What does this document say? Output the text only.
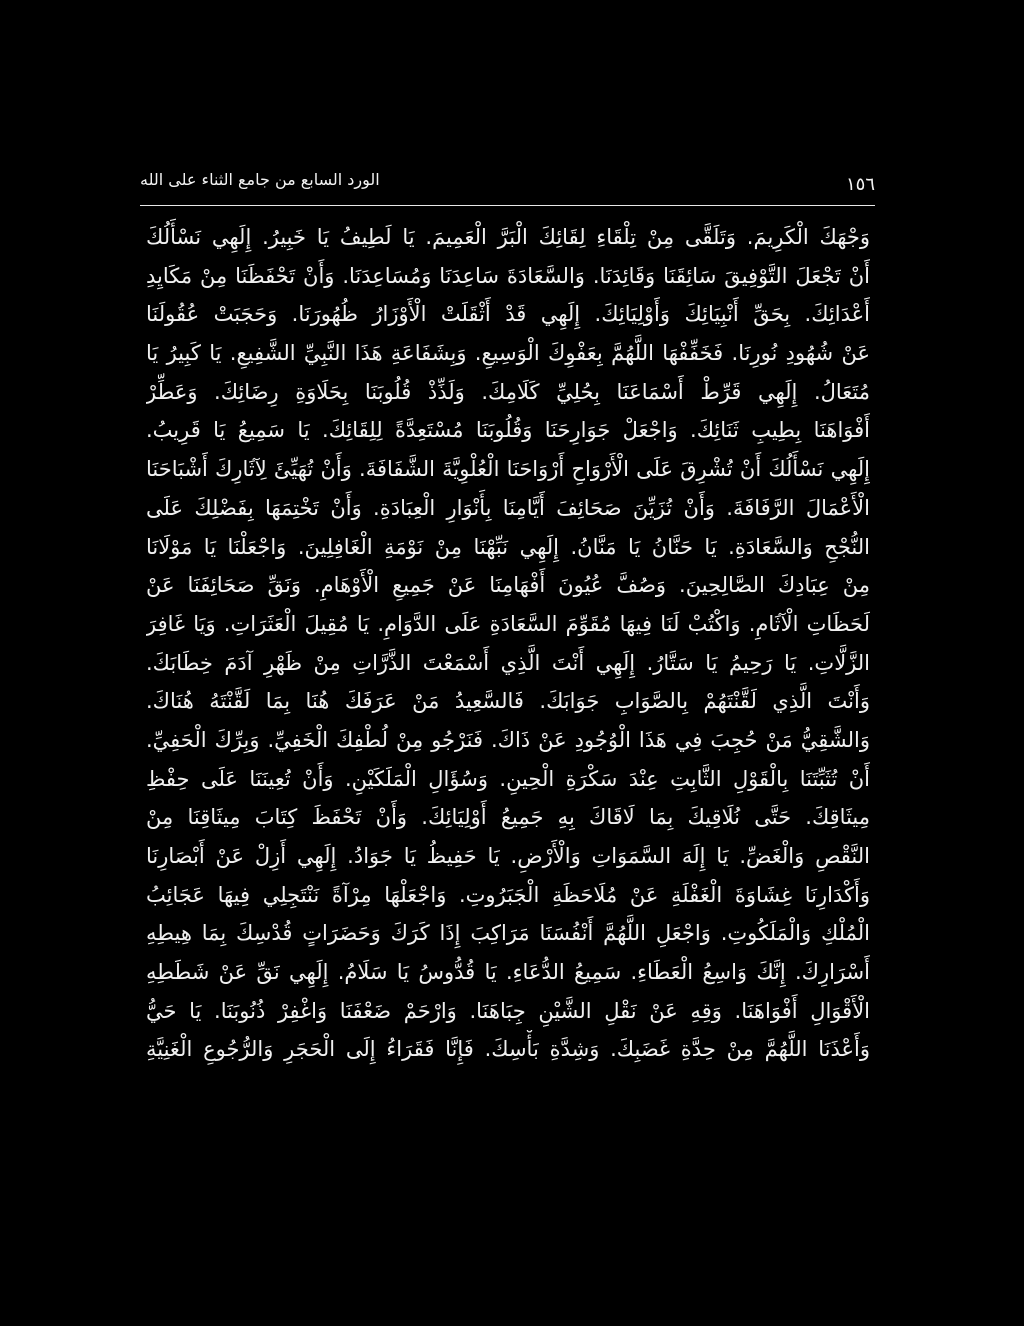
١٥٦
الورد السابع من جامع الثناء على الله
وَجْهَكَ الْكَرِيمَ. وَتَلَقَّى مِنْ تِلْقَاءِ لِقَائِكَ الْبَرَّ الْعَمِيمَ. يَا لَطِيفُ يَا خَبِيرُ. إِلَهِي نَسْأَلُكَ
أَنْ تَجْعَلَ التَّوْفِيقَ سَائِقَنَا وَقَائِدَنَا. وَالسَّعَادَةَ سَاعِدَنَا وَمُسَاعِدَنَا. وَأَنْ تَحْفَظَنَا مِنْ مَكَايِدِ
أَعْدَائِكَ. بِحَقِّ أَنْبِيَائِكَ وَأَوْلِيَائِكَ. إِلَهِي قَدْ أَثْقَلَتْ الْأَوْزَارُ ظُهُورَنَا. وَحَجَبَتْ عُقُولَنَا
عَنْ شُهُودِ نُورِنَا. فَخَفِّفْهَا اللَّهُمَّ بِعَفْوِكَ الْوَسِيعِ. وَبِشَفَاعَةِ هَذَا النَّبِيِّ الشَّفِيعِ. يَا كَبِيرُ يَا
مُتَعَالُ. إِلَهِي قَرِّطْ أَسْمَاعَنَا بِحُلِيِّ كَلَامِكَ. وَلَذِّذْ قُلُوبَنَا بِحَلَاوَةِ رِضَائِكَ. وَعَطِّرْ
أَفْوَاهَنَا بِطِيبِ ثَنَائِكَ. وَاجْعَلْ جَوَارِحَنَا وَقُلُوبَنَا مُسْتَعِدَّةً لِلِقَائِكَ. يَا سَمِيعُ يَا قَرِيبُ.
إِلَهِي نَسْأَلُكَ أَنْ تُشْرِقَ عَلَى الْأَرْوَاحِ أَرْوَاحَنَا الْعُلْوِيَّةَ الشَّفَافَةَ. وَأَنْ تُهَيِّئَ لِآثَارِكَ أَشْبَاحَنَا
الْأَعْمَالَ الرَّفَافَةَ. وَأَنْ تُزَيِّنَ صَحَائِفَ أَيَّامِنَا بِأَنْوَارِ الْعِبَادَةِ. وَأَنْ تَخْتِمَهَا بِفَضْلِكَ عَلَى
النُّجْحِ وَالسَّعَادَةِ. يَا حَنَّانُ يَا مَنَّانُ. إِلَهِي نَبِّهْنَا مِنْ نَوْمَةِ الْغَافِلِينَ. وَاجْعَلْنَا يَا مَوْلَانَا
مِنْ عِبَادِكَ الصَّالِحِينَ. وَصُفَّ عُيُونَ أَفْهَامِنَا عَنْ جَمِيعِ الْأَوْهَامِ. وَنَقِّ صَحَائِفَنَا عَنْ
لَحَظَاتِ الْآثَامِ. وَاكْتُبْ لَنَا فِيهَا مُقَوِّمَ السَّعَادَةِ عَلَى الدَّوَامِ. يَا مُقِيلَ الْعَثَرَاتِ. وَيَا غَافِرَ
الزَّلَّاتِ. يَا رَحِيمُ يَا سَتَّارُ. إِلَهِي أَنْتَ الَّذِي أَسْمَعْتَ الذَّرَّاتِ مِنْ ظَهْرِ آدَمَ خِطَابَكَ.
وَأَنْتَ الَّذِي لَقَّنْتَهُمْ بِالصَّوَابِ جَوَابَكَ. فَالسَّعِيدُ مَنْ عَرَفَكَ هُنَا بِمَا لَقَّنْتَهُ هُنَاكَ.
وَالشَّقِيُّ مَنْ حُجِبَ فِي هَذَا الْوُجُودِ عَنْ ذَاكَ. فَنَرْجُو مِنْ لُطْفِكَ الْخَفِيِّ. وَبِرِّكَ الْحَفِيِّ.
أَنْ تُثَبِّتَنَا بِالْقَوْلِ الثَّابِتِ عِنْدَ سَكْرَةِ الْحِينِ. وَسُؤَالِ الْمَلَكَيْنِ. وَأَنْ تُعِينَنَا عَلَى حِفْظِ
مِيثَاقِكَ. حَتَّى نُلَاقِيكَ بِمَا لَاقَاكَ بِهِ جَمِيعُ أَوْلِيَائِكَ. وَأَنْ تَحْفَظَ كِتَابَ مِيثَاقِنَا مِنْ
النَّقْصِ وَالْغَضِّ. يَا إِلَهَ السَّمَوَاتِ وَالْأَرْضِ. يَا حَفِيظُ يَا جَوَادُ. إِلَهِي أَزِلْ عَنْ أَبْصَارِنَا
وَأَكْدَارِنَا غِشَاوَةَ الْغَفْلَةِ عَنْ مُلَاحَظَةِ الْجَبَرُوتِ. وَاجْعَلْهَا مِرْآةً نَنْتَجِلِي فِيهَا عَجَائِبُ
الْمُلْكِ وَالْمَلَكُوتِ. وَاجْعَلِ اللَّهُمَّ أَنْفُسَنَا مَرَاكِبَ إِذَا كَرَكَ وَحَضَرَاتٍ قُدْسِكَ بِمَا هِيطِهِ
أَسْرَارِكَ. إِنَّكَ وَاسِعُ الْعَطَاءِ. سَمِيعُ الدُّعَاءِ. يَا قُدُّوسُ يَا سَلَامُ. إِلَهِي نَقِّ عَنْ شَطَطِهِ
الْأَقْوَالِ أَفْوَاهَنَا. وَقِهِ عَنْ نَقْلِ الشَّيْنِ جِبَاهَنَا. وَارْحَمْ ضَعْفَنَا وَاغْفِرْ ذُنُوبَنَا. يَا حَيُّ
وَأَعْذَنَا اللَّهُمَّ مِنْ حِدَّةِ غَضَبِكَ. وَشِدَّةِ بَأْسِكَ. فَإِنَّا فَقَرَاءُ إِلَى الْحَجَرِ وَالرُّجُوعِ الْغَنِيَّةِ
